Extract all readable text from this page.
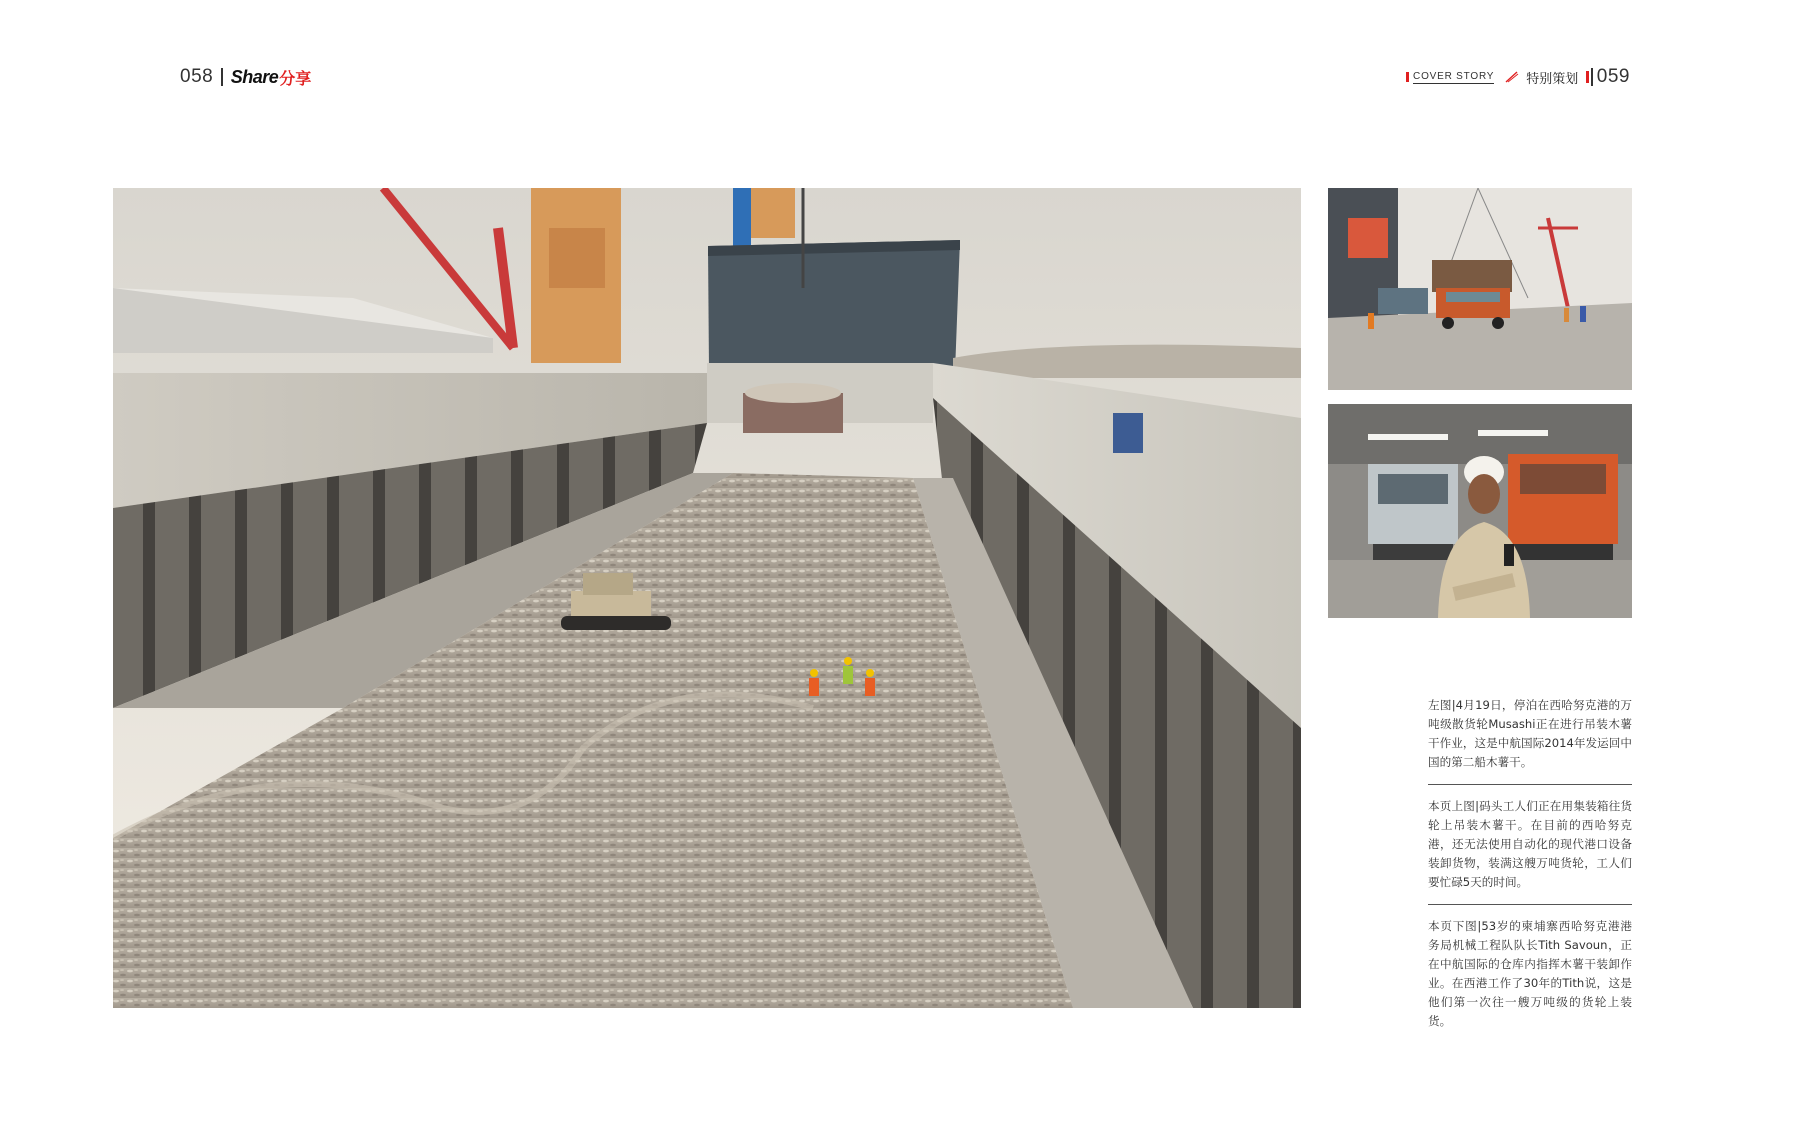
058 Share 分享	COVER STORY 特别策划 059

左图|4月19日，停泊在西哈努克港的万吨级散货轮Musashi正在进行吊装木薯干作业，这是中航国际2014年发运回中国的第二船木薯干。

本页上图|码头工人们正在用集装箱往货轮上吊装木薯干。在目前的西哈努克港，还无法使用自动化的现代港口设备装卸货物，装满这艘万吨货轮，工人们要忙碌5天的时间。

本页下图|53岁的柬埔寨西哈努克港港务局机械工程队队长Tith Savoun，正在中航国际的仓库内指挥木薯干装卸作业。在西港工作了30年的Tith说，这是他们第一次往一艘万吨级的货轮上装货。
